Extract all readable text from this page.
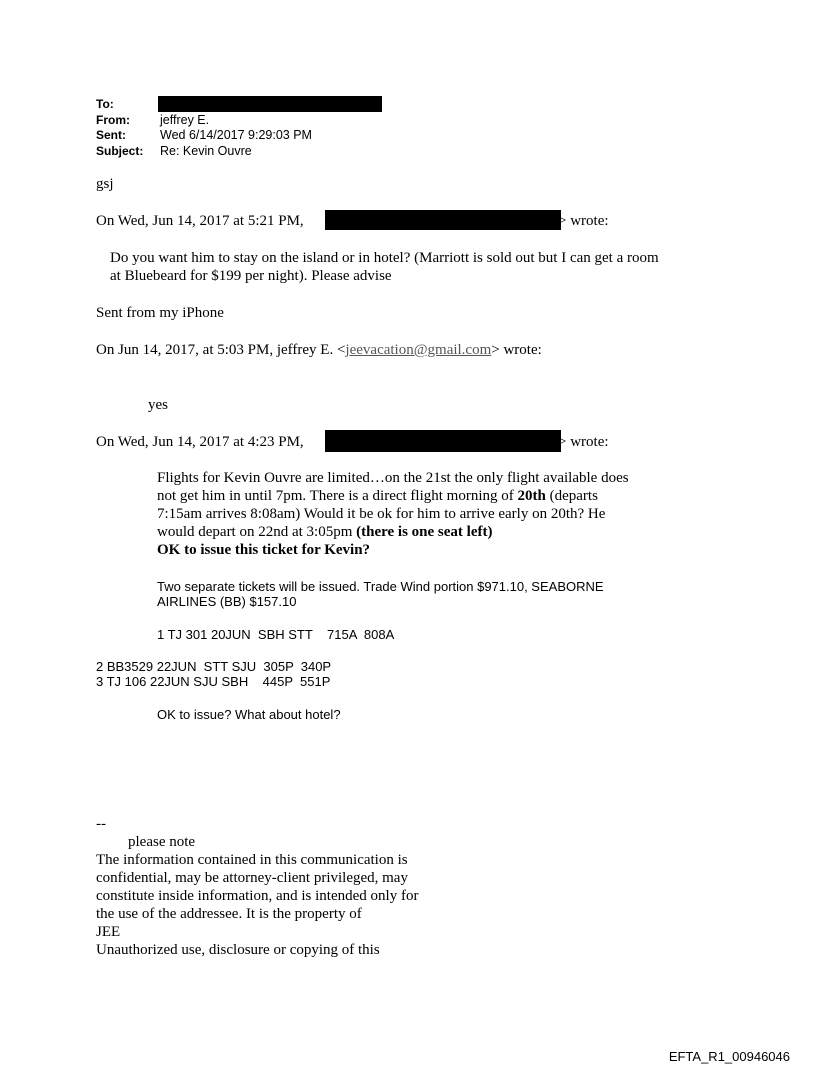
To:
From: jeffrey E.
Sent:	Wed 6/14/2017 9:29:03 PM
Subject: Re: Kevin Ouvre
gsj
On Wed, Jun 14, 2017 at 5:21 PM,	> wrote:
Do you want him to stay on the island or in hotel? (Marriott is sold out but I can get a room
at Bluebeard for $199 per night). Please advise
Sent from my iPhone
On Jun 14, 2017, at 5:03 PM, jeffrey E. <jeevacation@gmail.com> wrote:
yes
On Wed, Jun 14, 2017 at 4:23 PM,	> wrote:
Flights for Kevin Ouvre are limited…on the 21st the only flight available does
not get him in until 7pm. There is a direct flight morning of 20th (departs
7:15am arrives 8:08am) Would it be ok for him to arrive early on 20th? He
would depart on 22nd at 3:05pm (there is one seat left)
OK to issue this ticket for Kevin?
Two separate tickets will be issued. Trade Wind portion $971.10, SEABORNE
AIRLINES (BB) $157.10
1 TJ 301 20JUN  SBH STT    715A  808A
2 BB3529 22JUN  STT SJU  305P  340P
3 TJ 106 22JUN SJU SBH    445P  551P
OK to issue? What about hotel?
--
please note
The information contained in this communication is
confidential, may be attorney-client privileged, may
constitute inside information, and is intended only for
the use of the addressee. It is the property of
JEE
Unauthorized use, disclosure or copying of this
EFTA_R1_00946046
